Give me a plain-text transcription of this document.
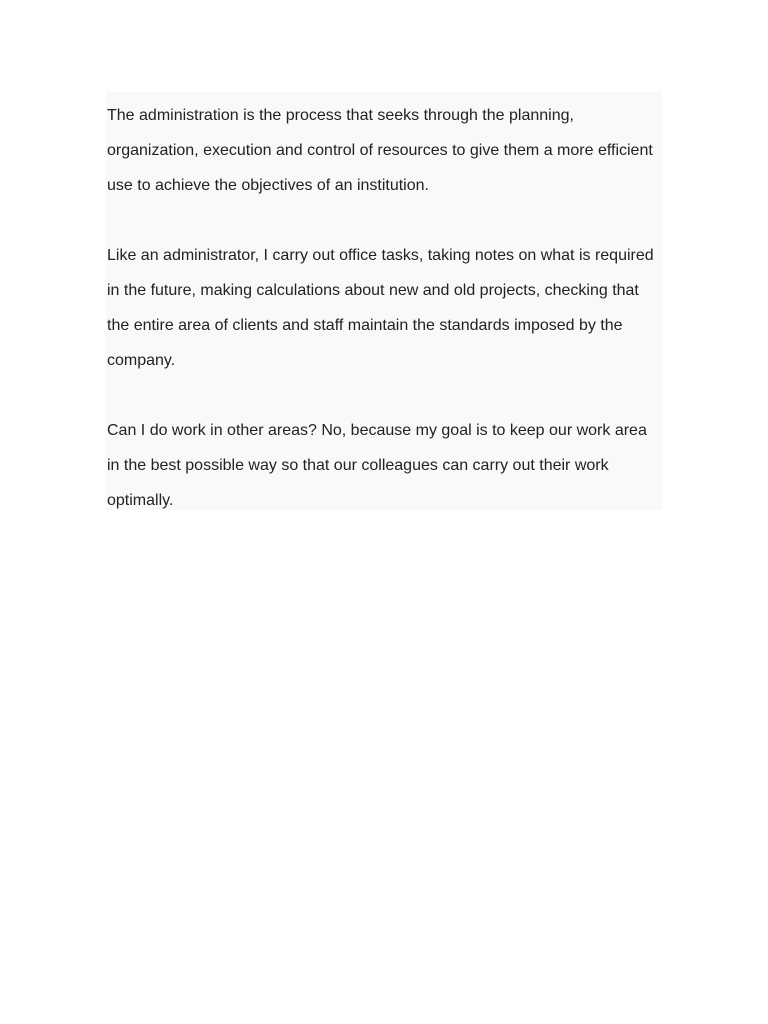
The administration is the process that seeks through the planning, organization, execution and control of resources to give them a more efficient use to achieve the objectives of an institution.

Like an administrator, I carry out office tasks, taking notes on what is required in the future, making calculations about new and old projects, checking that the entire area of clients and staff maintain the standards imposed by the company.

Can I do work in other areas? No, because my goal is to keep our work area in the best possible way so that our colleagues can carry out their work optimally.
